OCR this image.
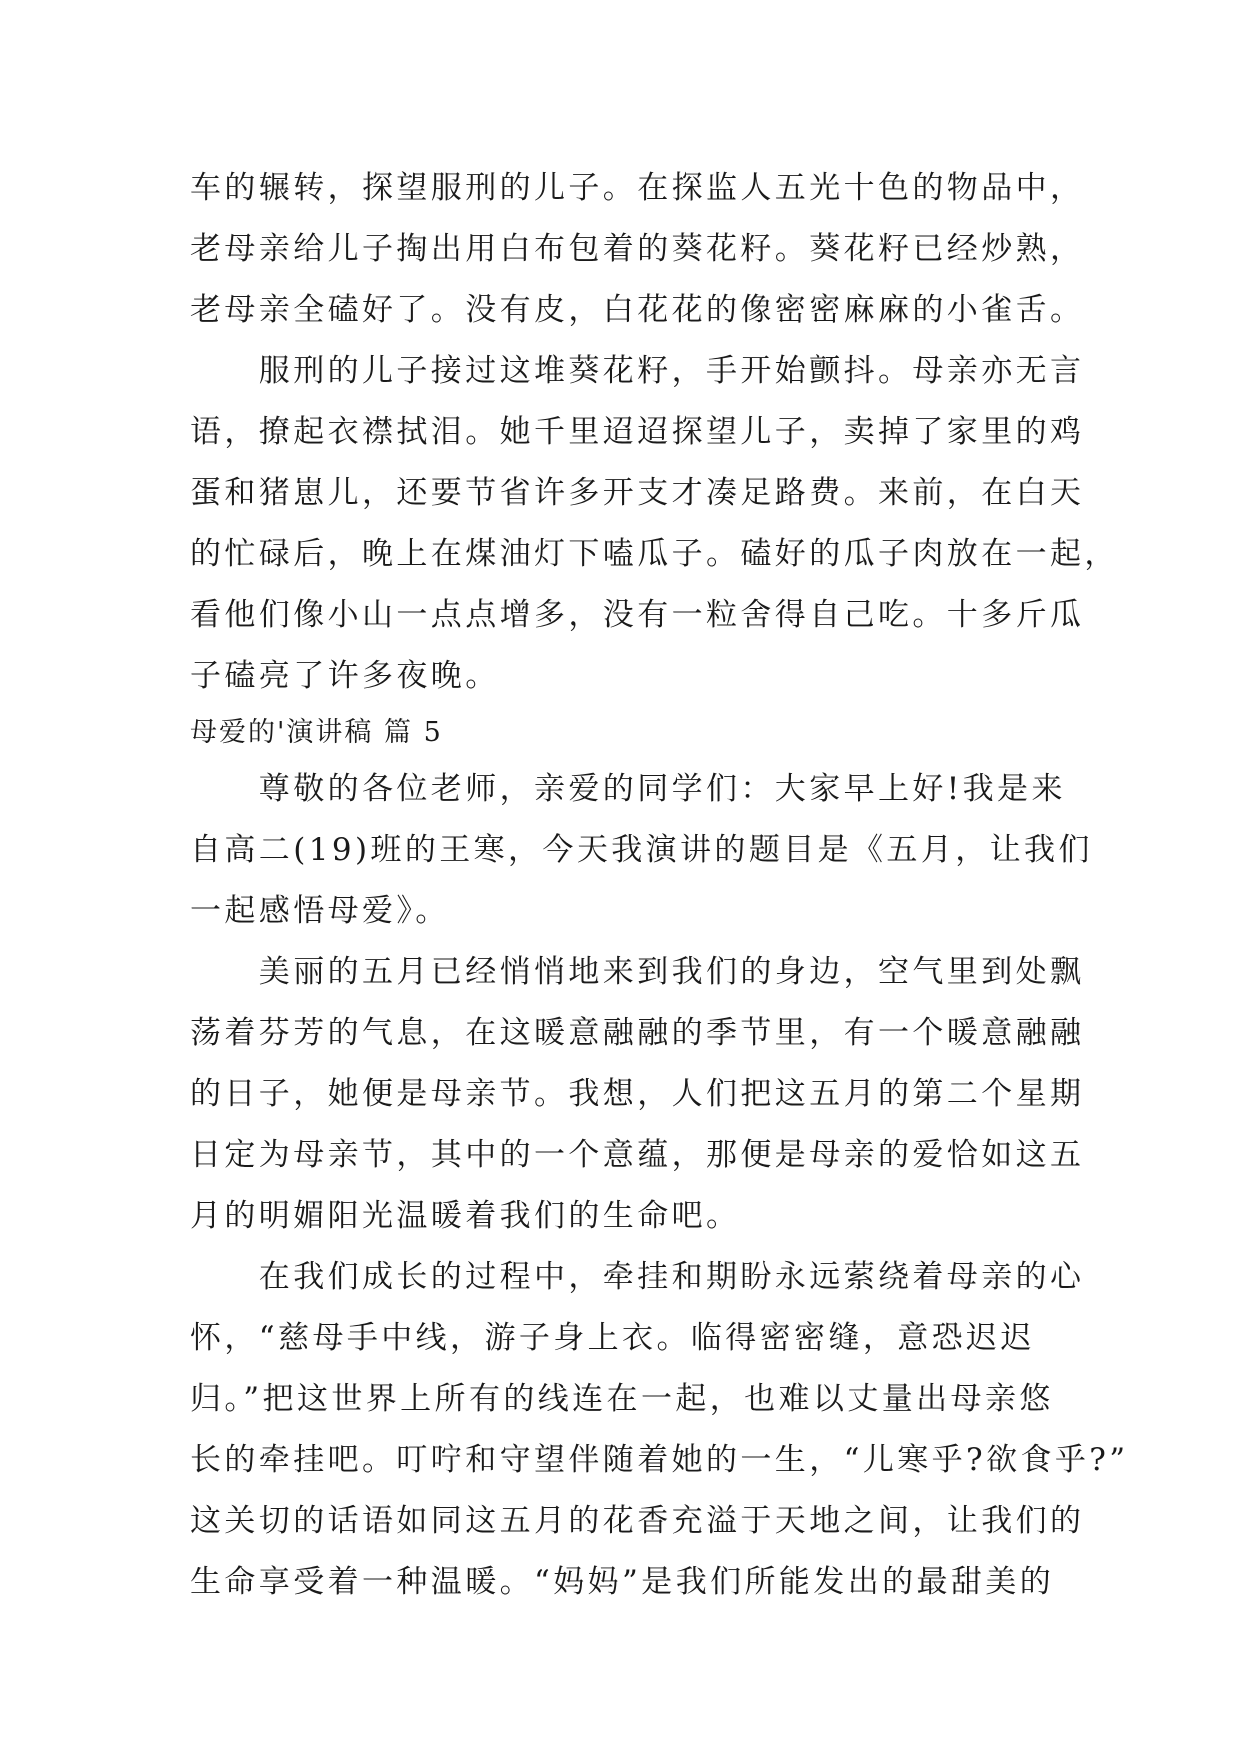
车的辗转，探望服刑的儿子。在探监人五光十色的物品中，
老母亲给儿子掏出用白布包着的葵花籽。葵花籽已经炒熟，
老母亲全磕好了。没有皮，白花花的像密密麻麻的小雀舌。
　　服刑的儿子接过这堆葵花籽，手开始颤抖。母亲亦无言
语，撩起衣襟拭泪。她千里迢迢探望儿子，卖掉了家里的鸡
蛋和猪崽儿，还要节省许多开支才凑足路费。来前，在白天
的忙碌后，晚上在煤油灯下嗑瓜子。磕好的瓜子肉放在一起，
看他们像小山一点点增多，没有一粒舍得自己吃。十多斤瓜
子磕亮了许多夜晚。
母爱的'演讲稿 篇 5
　　尊敬的各位老师，亲爱的同学们：大家早上好!我是来
自高二(19)班的王寒，今天我演讲的题目是《五月，让我们
一起感悟母爱》。
　　美丽的五月已经悄悄地来到我们的身边，空气里到处飘
荡着芬芳的气息，在这暖意融融的季节里，有一个暖意融融
的日子，她便是母亲节。我想，人们把这五月的第二个星期
日定为母亲节，其中的一个意蕴，那便是母亲的爱恰如这五
月的明媚阳光温暖着我们的生命吧。
　　在我们成长的过程中，牵挂和期盼永远萦绕着母亲的心
怀，“慈母手中线，游子身上衣。临得密密缝，意恐迟迟
归。”把这世界上所有的线连在一起，也难以丈量出母亲悠
长的牵挂吧。叮咛和守望伴随着她的一生，“儿寒乎?欲食乎?”
这关切的话语如同这五月的花香充溢于天地之间，让我们的
生命享受着一种温暖。“妈妈”是我们所能发出的最甜美的
